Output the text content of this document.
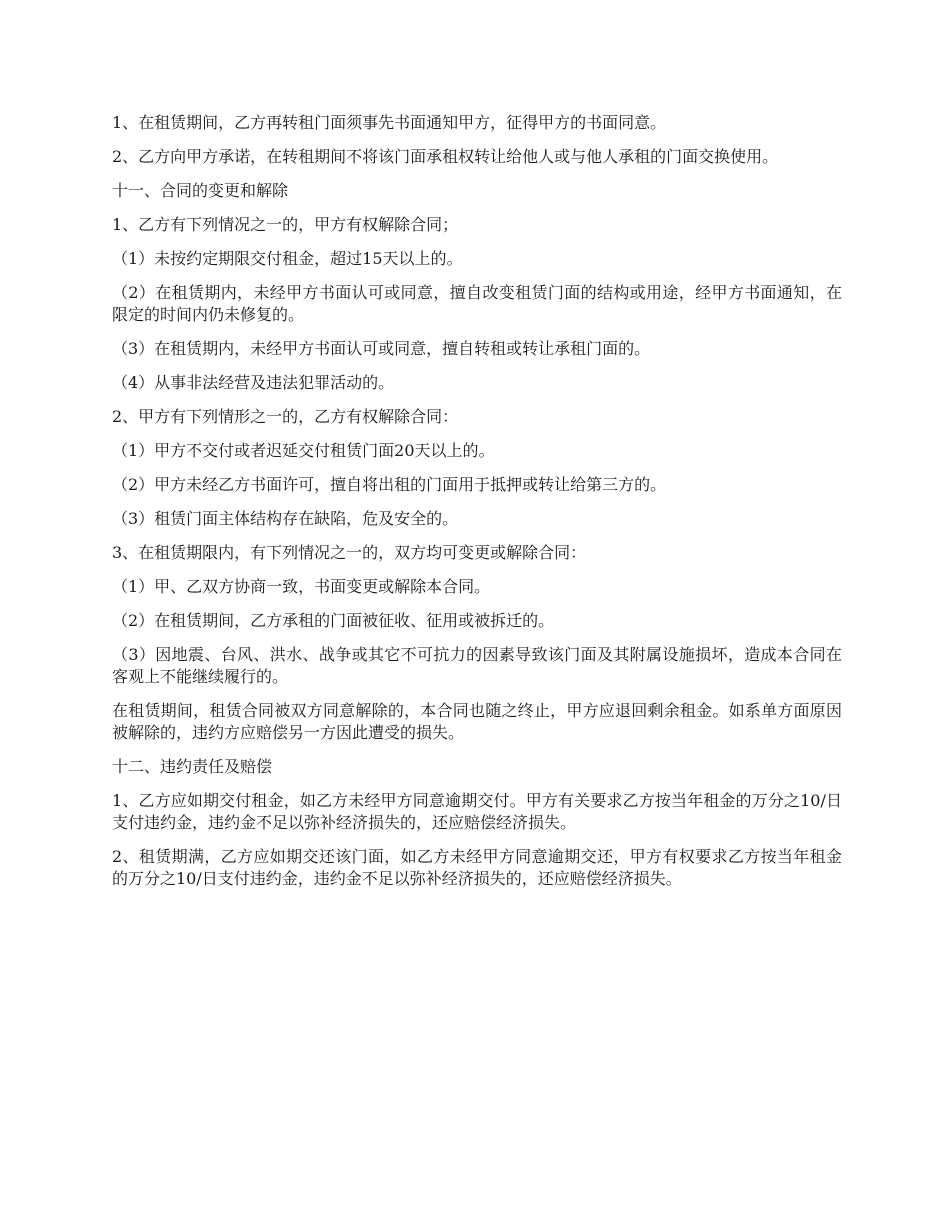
1、在租赁期间，乙方再转租门面须事先书面通知甲方，征得甲方的书面同意。

2、乙方向甲方承诺，在转租期间不将该门面承租权转让给他人或与他人承租的门面交换使用。

十一、合同的变更和解除

1、乙方有下列情况之一的，甲方有权解除合同；

（1）未按约定期限交付租金，超过15天以上的。

（2）在租赁期内，未经甲方书面认可或同意，擅自改变租赁门面的结构或用途，经甲方书面通知，在限定的时间内仍未修复的。

（3）在租赁期内，未经甲方书面认可或同意，擅自转租或转让承租门面的。

（4）从事非法经营及违法犯罪活动的。

2、甲方有下列情形之一的，乙方有权解除合同：

（1）甲方不交付或者迟延交付租赁门面20天以上的。

（2）甲方未经乙方书面许可，擅自将出租的门面用于抵押或转让给第三方的。

（3）租赁门面主体结构存在缺陷，危及安全的。

3、在租赁期限内，有下列情况之一的，双方均可变更或解除合同：

（1）甲、乙双方协商一致，书面变更或解除本合同。

（2）在租赁期间，乙方承租的门面被征收、征用或被拆迁的。

（3）因地震、台风、洪水、战争或其它不可抗力的因素导致该门面及其附属设施损坏，造成本合同在客观上不能继续履行的。

在租赁期间，租赁合同被双方同意解除的，本合同也随之终止，甲方应退回剩余租金。如系单方面原因被解除的，违约方应赔偿另一方因此遭受的损失。

十二、违约责任及赔偿

1、乙方应如期交付租金，如乙方未经甲方同意逾期交付。甲方有关要求乙方按当年租金的万分之10/日支付违约金，违约金不足以弥补经济损失的，还应赔偿经济损失。

2、租赁期满，乙方应如期交还该门面，如乙方未经甲方同意逾期交还，甲方有权要求乙方按当年租金的万分之10/日支付违约金，违约金不足以弥补经济损失的，还应赔偿经济损失。
